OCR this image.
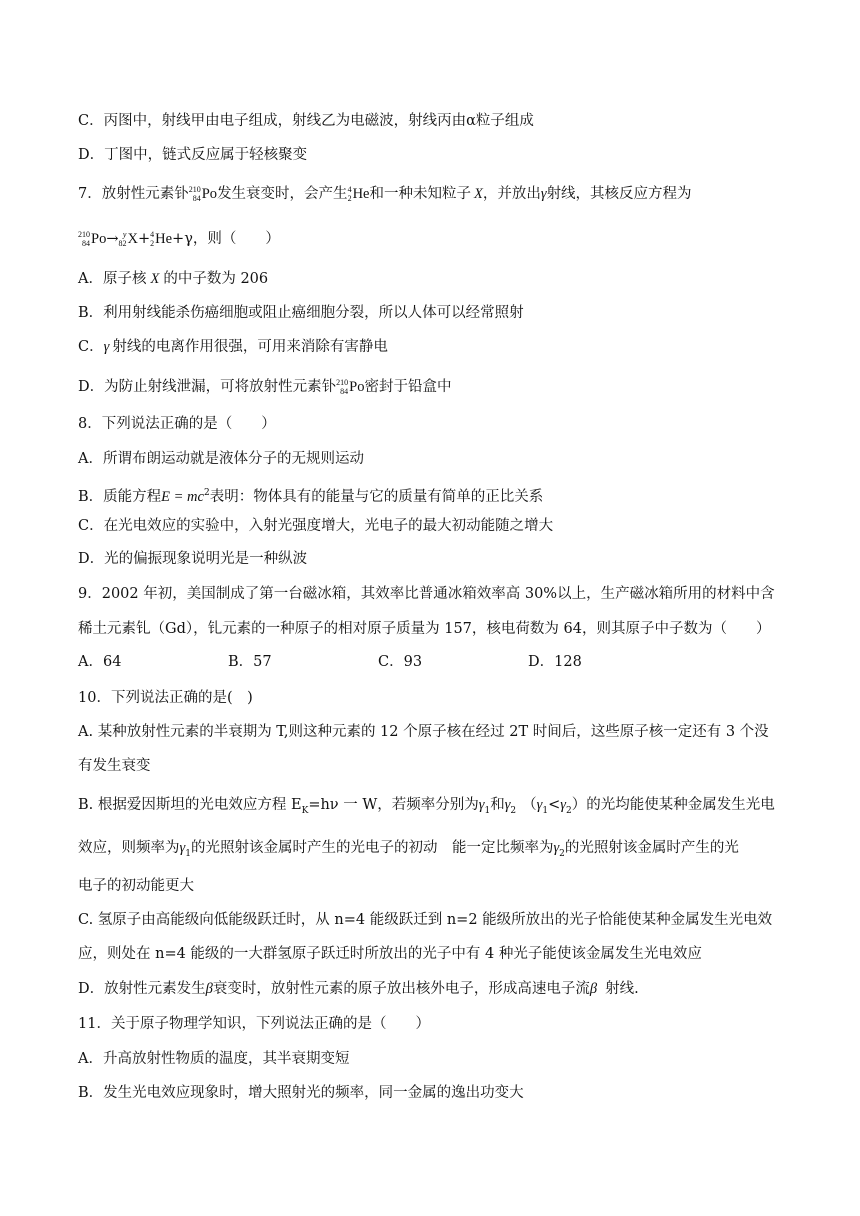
C．丙图中，射线甲由电子组成，射线乙为电磁波，射线丙由α粒子组成
D．丁图中，链式反应属于轻核聚变
7．放射性元素钋 210
84 Po 发生衰变时，会产生 4
2 He 和一种未知粒子 X，并放出γ射线，其核反应方程为
210
84 Po → y
82 X + 4
2 He +γ，则（　　）
A．原子核 X 的中子数为 206
B．利用射线能杀伤癌细胞或阻止癌细胞分裂，所以人体可以经常照射
C．γ 射线的电离作用很强，可用来消除有害静电
D．为防止射线泄漏，可将放射性元素钋 210
84 Po 密封于铅盒中
8．下列说法正确的是（　　）
A．所谓布朗运动就是液体分子的无规则运动
B．质能方程$E = mc^2$表明：物体具有的能量与它的质量有简单的正比关系
C．在光电效应的实验中，入射光强度增大，光电子的最大初动能随之增大
D．光的偏振现象说明光是一种纵波
9．2002 年初，美国制成了第一台磁冰箱，其效率比普通冰箱效率高 30%以上，生产磁冰箱所用的材料中含
稀土元素钆（Gd），钆元素的一种原子的相对原子质量为 157，核电荷数为 64，则其原子中子数为（　　）
A．64	B．57	C．93	D．128
10．下列说法正确的是(　)
A. 某种放射性元素的半衰期为 T,则这种元素的 12 个原子核在经过 2T 时间后，这些原子核一定还有 3 个没
有发生衰变
B. 根据爱因斯坦的光电效应方程 $E_K=h\nu$ 一 W，若频率分别为$\gamma_1$和$\gamma_2$ $(\gamma_1<\gamma_2)$的光均能使某种金属发生光电
效应，则频率为$\gamma_1$的光照射该金属时产生的光电子的初动　能一定比频率为$\gamma_2$的光照射该金属时产生的光
电子的初动能更大
C. 氢原子由高能级向低能级跃迁时，从 n=4 能级跃迁到 n=2 能级所放出的光子恰能使某种金属发生光电效
应，则处在 n=4 能级的一大群氢原子跃迁时所放出的光子中有 4 种光子能使该金属发生光电效应
D．放射性元素发生β衰变时，放射性元素的原子放出核外电子，形成高速电子流β 射线.
11．关于原子物理学知识，下列说法正确的是（　　）
A．升高放射性物质的温度，其半衰期变短
B．发生光电效应现象时，增大照射光的频率，同一金属的逸出功变大
